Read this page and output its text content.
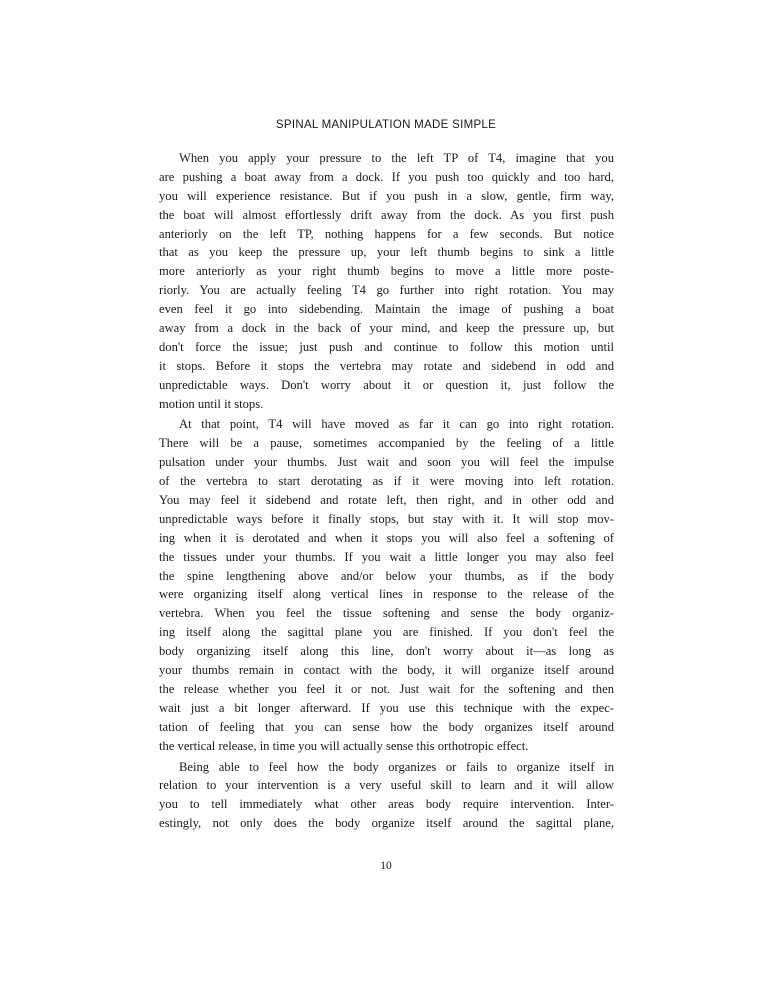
SPINAL MANIPULATION MADE SIMPLE
When you apply your pressure to the left TP of T4, imagine that you
are pushing a boat away from a dock. If you push too quickly and too hard,
you will experience resistance. But if you push in a slow, gentle, firm way,
the boat will almost effortlessly drift away from the dock. As you first push
anteriorly on the left TP, nothing happens for a few seconds. But notice
that as you keep the pressure up, your left thumb begins to sink a little
more anteriorly as your right thumb begins to move a little more poste-
riorly. You are actually feeling T4 go further into right rotation. You may
even feel it go into sidebending. Maintain the image of pushing a boat
away from a dock in the back of your mind, and keep the pressure up, but
don't force the issue; just push and continue to follow this motion until
it stops. Before it stops the vertebra may rotate and sidebend in odd and
unpredictable ways. Don't worry about it or question it, just follow the
motion until it stops.
At that point, T4 will have moved as far it can go into right rotation.
There will be a pause, sometimes accompanied by the feeling of a little
pulsation under your thumbs. Just wait and soon you will feel the impulse
of the vertebra to start derotating as if it were moving into left rotation.
You may feel it sidebend and rotate left, then right, and in other odd and
unpredictable ways before it finally stops, but stay with it. It will stop mov-
ing when it is derotated and when it stops you will also feel a softening of
the tissues under your thumbs. If you wait a little longer you may also feel
the spine lengthening above and/or below your thumbs, as if the body
were organizing itself along vertical lines in response to the release of the
vertebra. When you feel the tissue softening and sense the body organiz-
ing itself along the sagittal plane you are finished. If you don't feel the
body organizing itself along this line, don't worry about it—as long as
your thumbs remain in contact with the body, it will organize itself around
the release whether you feel it or not. Just wait for the softening and then
wait just a bit longer afterward. If you use this technique with the expec-
tation of feeling that you can sense how the body organizes itself around
the vertical release, in time you will actually sense this orthotropic effect.
Being able to feel how the body organizes or fails to organize itself in
relation to your intervention is a very useful skill to learn and it will allow
you to tell immediately what other areas body require intervention. Inter-
estingly, not only does the body organize itself around the sagittal plane,
10
